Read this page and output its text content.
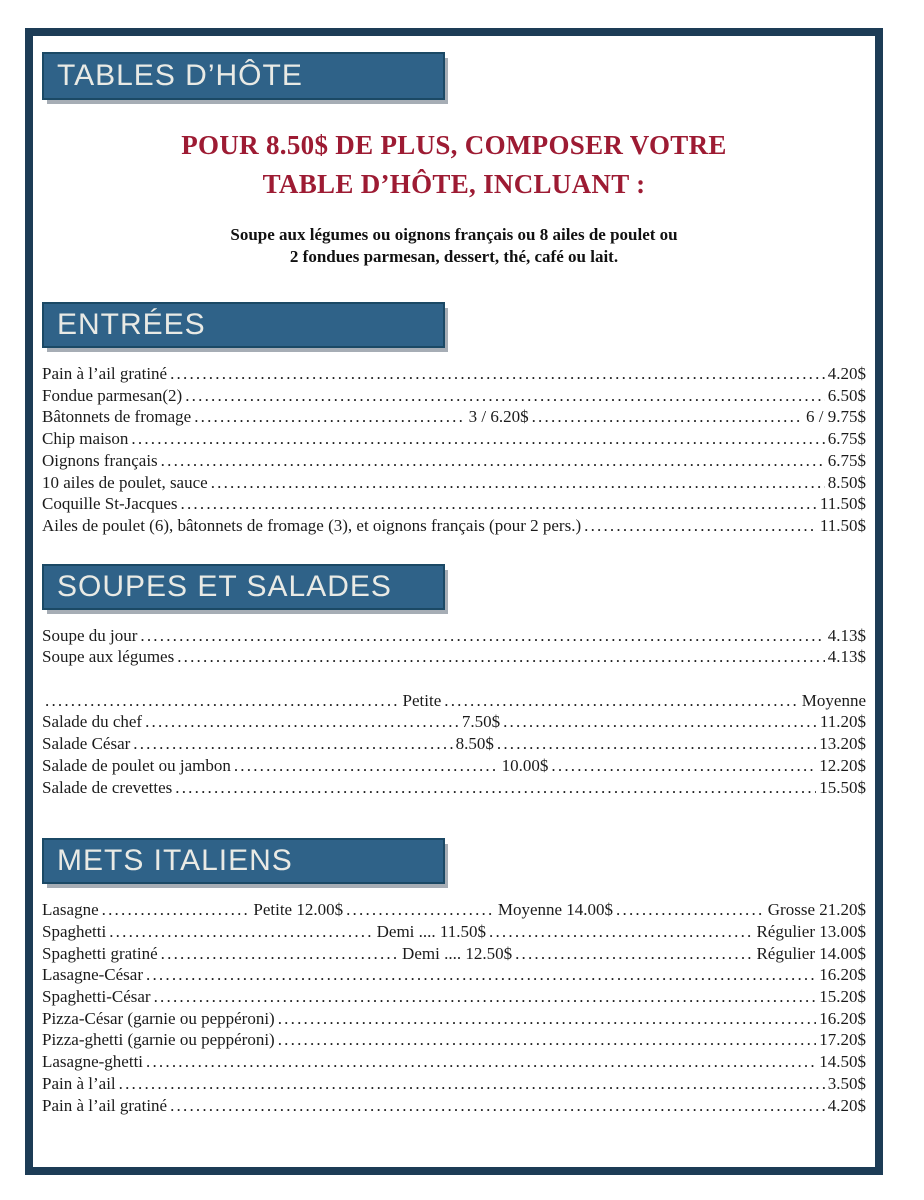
TABLES D’HÔTE
POUR 8.50$ DE PLUS, COMPOSER VOTRE
TABLE D’HÔTE, INCLUANT :
Soupe aux légumes ou oignons français ou 8 ailes de poulet ou
2 fondues parmesan, dessert, thé, café ou lait.
ENTRÉES
Pain à l’ail gratiné .....	4.20$
Fondue parmesan(2) .....	6.50$
Bâtonnets de fromage .....	3 / 6.20$ .....	6 / 9.75$
Chip maison .....	6.75$
Oignons français .....	6.75$
10 ailes de poulet, sauce .....	8.50$
Coquille St-Jacques .....	11.50$
Ailes de poulet (6), bâtonnets de fromage (3), et oignons français (pour 2 pers.) .....	11.50$
SOUPES ET SALADES
Soupe du jour .....	4.13$
Soupe aux légumes .....	4.13$
.....
Petite .....	Moyenne
Salade du chef .....	7.50$ .....	11.20$
Salade César .....	8.50$ .....	13.20$
Salade de poulet ou jambon .....	10.00$ .....	12.20$
Salade de crevettes .....	15.50$
METS ITALIENS
Lasagne .....	Petite 12.00$ .....	Moyenne 14.00$ .....	Grosse 21.20$
Spaghetti .....	Demi .... 11.50$ .....	Régulier 13.00$
Spaghetti gratiné .....	Demi .... 12.50$ .....	Régulier 14.00$
Lasagne-César .....	16.20$
Spaghetti-César .....	15.20$
Pizza-César (garnie ou peppéroni) .....	16.20$
Pizza-ghetti (garnie ou peppéroni) .....	17.20$
Lasagne-ghetti .....	14.50$
Pain à l’ail .....	3.50$
Pain à l’ail gratiné .....	4.20$
